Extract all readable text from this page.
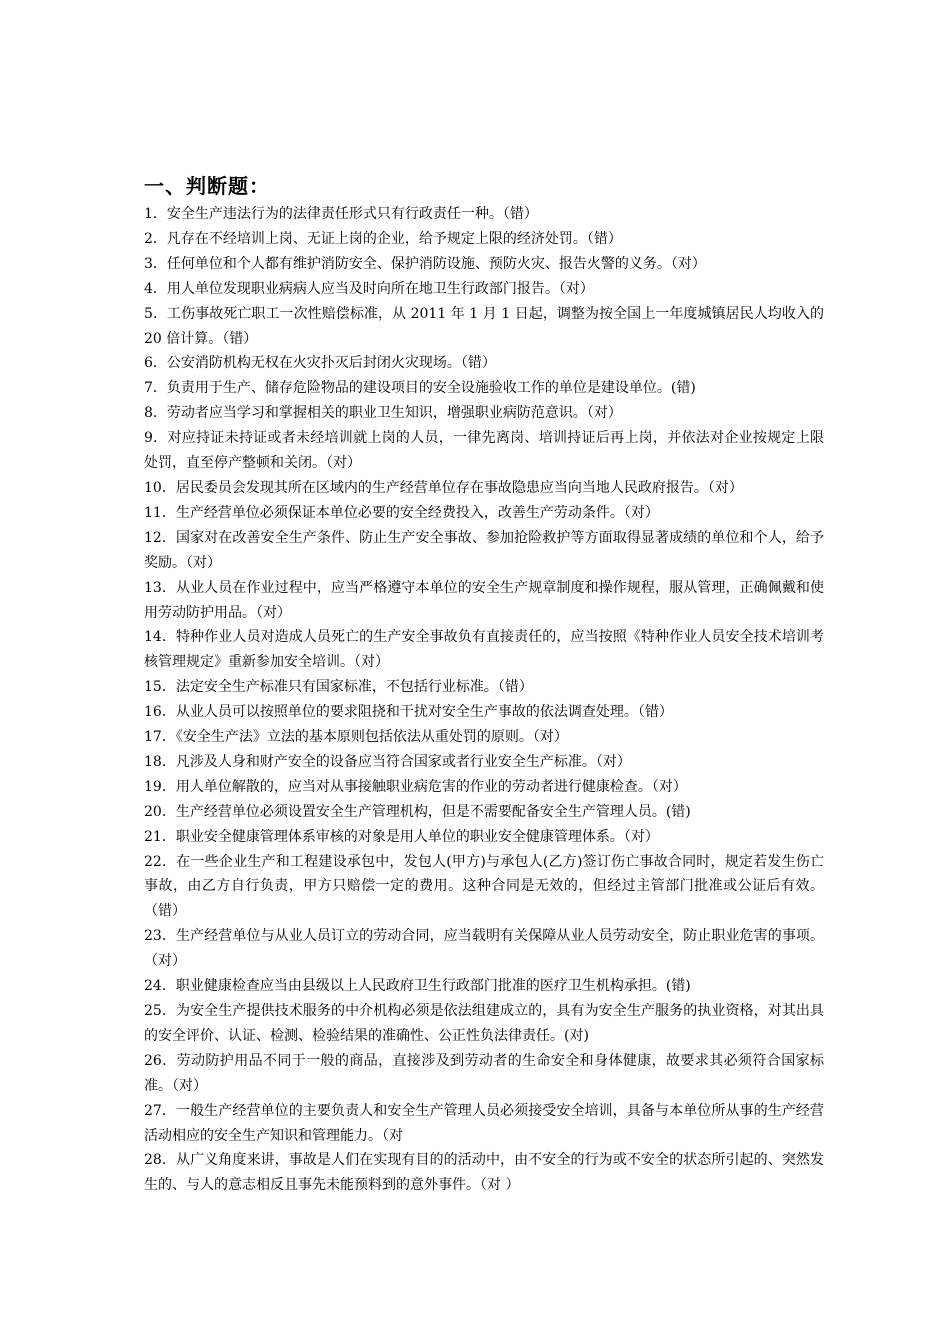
一、判断题：
1．安全生产违法行为的法律责任形式只有行政责任一种。（错）
2．凡存在不经培训上岗、无证上岗的企业，给予规定上限的经济处罚。（错）
3．任何单位和个人都有维护消防安全、保护消防设施、预防火灾、报告火警的义务。（对）
4．用人单位发现职业病病人应当及时向所在地卫生行政部门报告。（对）
5．工伤事故死亡职工一次性赔偿标准，从 2011 年 1 月 1 日起，调整为按全国上一年度城镇居民人均收入的 20 倍计算。（错）
6．公安消防机构无权在火灾扑灭后封闭火灾现场。（错）
7．负责用于生产、储存危险物品的建设项目的安全设施验收工作的单位是建设单位。(错)
8．劳动者应当学习和掌握相关的职业卫生知识，增强职业病防范意识。（对）
9．对应持证未持证或者未经培训就上岗的人员，一律先离岗、培训持证后再上岗，并依法对企业按规定上限处罚，直至停产整顿和关闭。（对）
10．居民委员会发现其所在区域内的生产经营单位存在事故隐患应当向当地人民政府报告。（对）
11．生产经营单位必须保证本单位必要的安全经费投入，改善生产劳动条件。（对）
12．国家对在改善安全生产条件、防止生产安全事故、参加抢险救护等方面取得显著成绩的单位和个人，给予奖励。（对）
13．从业人员在作业过程中，应当严格遵守本单位的安全生产规章制度和操作规程，服从管理，正确佩戴和使用劳动防护用品。（对）
14．特种作业人员对造成人员死亡的生产安全事故负有直接责任的，应当按照《特种作业人员安全技术培训考核管理规定》重新参加安全培训。（对）
15．法定安全生产标准只有国家标准，不包括行业标准。（错）
16．从业人员可以按照单位的要求阻挠和干扰对安全生产事故的依法调查处理。（错）
17．《安全生产法》立法的基本原则包括依法从重处罚的原则。（对）
18．凡涉及人身和财产安全的设备应当符合国家或者行业安全生产标准。（对）
19．用人单位解散的，应当对从事接触职业病危害的作业的劳动者进行健康检查。（对）
20．生产经营单位必须设置安全生产管理机构，但是不需要配备安全生产管理人员。(错)
21．职业安全健康管理体系审核的对象是用人单位的职业安全健康管理体系。（对）
22．在一些企业生产和工程建设承包中，发包人(甲方)与承包人(乙方)签订伤亡事故合同时，规定若发生伤亡事故，由乙方自行负责，甲方只赔偿一定的费用。这种合同是无效的，但经过主管部门批准或公证后有效。（错）
23．生产经营单位与从业人员订立的劳动合同，应当载明有关保障从业人员劳动安全，防止职业危害的事项。（对）
24．职业健康检查应当由县级以上人民政府卫生行政部门批准的医疗卫生机构承担。(错)
25．为安全生产提供技术服务的中介机构必须是依法组建成立的，具有为安全生产服务的执业资格，对其出具的安全评价、认证、检测、检验结果的准确性、公正性负法律责任。(对)
26．劳动防护用品不同于一般的商品，直接涉及到劳动者的生命安全和身体健康，故要求其必须符合国家标准。（对）
27．一般生产经营单位的主要负责人和安全生产管理人员必须接受安全培训，具备与本单位所从事的生产经营活动相应的安全生产知识和管理能力。（对
28．从广义角度来讲，事故是人们在实现有目的的活动中，由不安全的行为或不安全的状态所引起的、突然发生的、与人的意志相反且事先未能预料到的意外事件。（对 ）
